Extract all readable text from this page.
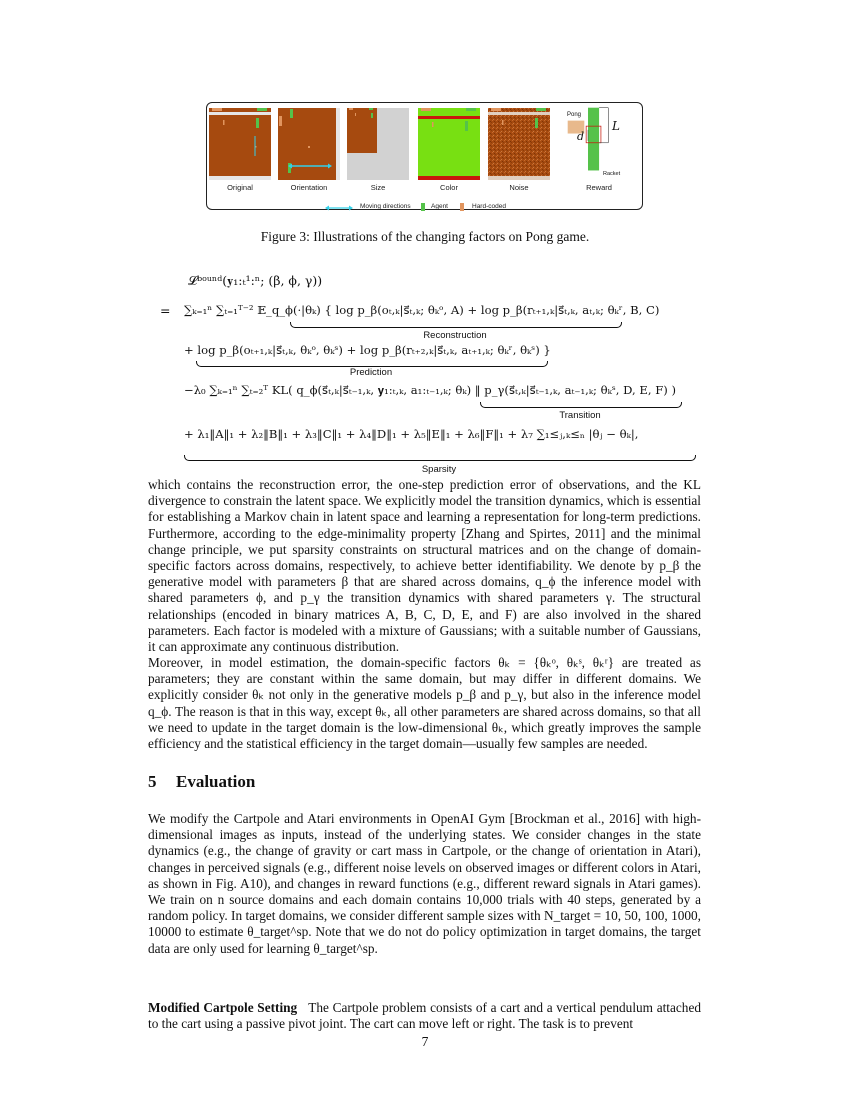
Original	Orientation	Size	Color	Noise
Pong
L
d
Racket
Reward
Moving directions	Agent	Hard-coded
Figure 3: Illustrations of the changing factors on Pong game.
𝓛ᵇᵒᵘⁿᵈ(𝐲₁:ₜ¹:ⁿ; (β, ϕ, γ))
= ∑ₖ₌₁ⁿ ∑ₜ₌₁ᵀ⁻² 𝔼_q_ϕ(·|θₖ) { log p_β(oₜ,ₖ|s⃗ₜ,ₖ; θₖᵒ, A) + log p_β(rₜ₊₁,ₖ|s⃗ₜ,ₖ, aₜ,ₖ; θₖʳ, B, C)
Reconstruction
+ log p_β(oₜ₊₁,ₖ|s⃗ₜ,ₖ, θₖᵒ, θₖˢ) + log p_β(rₜ₊₂,ₖ|s⃗ₜ,ₖ, aₜ₊₁,ₖ; θₖʳ, θₖˢ) }
Prediction
−λ₀ ∑ₖ₌₁ⁿ ∑ₜ₌₂ᵀ KL( q_ϕ(s⃗ₜ,ₖ|s⃗ₜ₋₁,ₖ, 𝐲₁:ₜ,ₖ, a₁:ₜ₋₁,ₖ; θₖ) ‖ p_γ(s⃗ₜ,ₖ|s⃗ₜ₋₁,ₖ, aₜ₋₁,ₖ; θₖˢ, D, E, F) )
Transition
+ λ₁‖A‖₁ + λ₂‖B‖₁ + λ₃‖C‖₁ + λ₄‖D‖₁ + λ₅‖E‖₁ + λ₆‖F‖₁ + λ₇ ∑₁≤ⱼ,ₖ≤ₙ |θⱼ − θₖ|,
Sparsity

which contains the reconstruction error, the one-step prediction error of observations, and the KL divergence to constrain the latent space. We explicitly model the transition dynamics, which is essential for establishing a Markov chain in latent space and learning a representation for long-term predictions. Furthermore, according to the edge-minimality property [Zhang and Spirtes, 2011] and the minimal change principle, we put sparsity constraints on structural matrices and on the change of domain-specific factors across domains, respectively, to achieve better identifiability. We denote by p_β the generative model with parameters β that are shared across domains, q_ϕ the inference model with shared parameters ϕ, and p_γ the transition dynamics with shared parameters γ. The structural relationships (encoded in binary matrices A, B, C, D, E, and F) are also involved in the shared parameters. Each factor is modeled with a mixture of Gaussians; with a suitable number of Gaussians, it can approximate any continuous distribution.

Moreover, in model estimation, the domain-specific factors θₖ = {θₖᵒ, θₖˢ, θₖʳ} are treated as parameters; they are constant within the same domain, but may differ in different domains. We explicitly consider θₖ not only in the generative models p_β and p_γ, but also in the inference model q_ϕ. The reason is that in this way, except θₖ, all other parameters are shared across domains, so that all we need to update in the target domain is the low-dimensional θₖ, which greatly improves the sample efficiency and the statistical efficiency in the target domain—usually few samples are needed.

5 Evaluation

We modify the Cartpole and Atari environments in OpenAI Gym [Brockman et al., 2016] with high-dimensional images as inputs, instead of the underlying states. We consider changes in the state dynamics (e.g., the change of gravity or cart mass in Cartpole, or the change of orientation in Atari), changes in perceived signals (e.g., different noise levels on observed images or different colors in Atari, as shown in Fig. A10), and changes in reward functions (e.g., different reward signals in Atari games). We train on n source domains and each domain contains 10,000 trials with 40 steps, generated by a random policy. In target domains, we consider different sample sizes with N_target = 10, 50, 100, 1000, 10000 to estimate θ_target^sp. Note that we do not do policy optimization in target domains, the target data are only used for learning θ_target^sp.

Modified Cartpole Setting The Cartpole problem consists of a cart and a vertical pendulum attached to the cart using a passive pivot joint. The cart can move left or right. The task is to prevent

7
